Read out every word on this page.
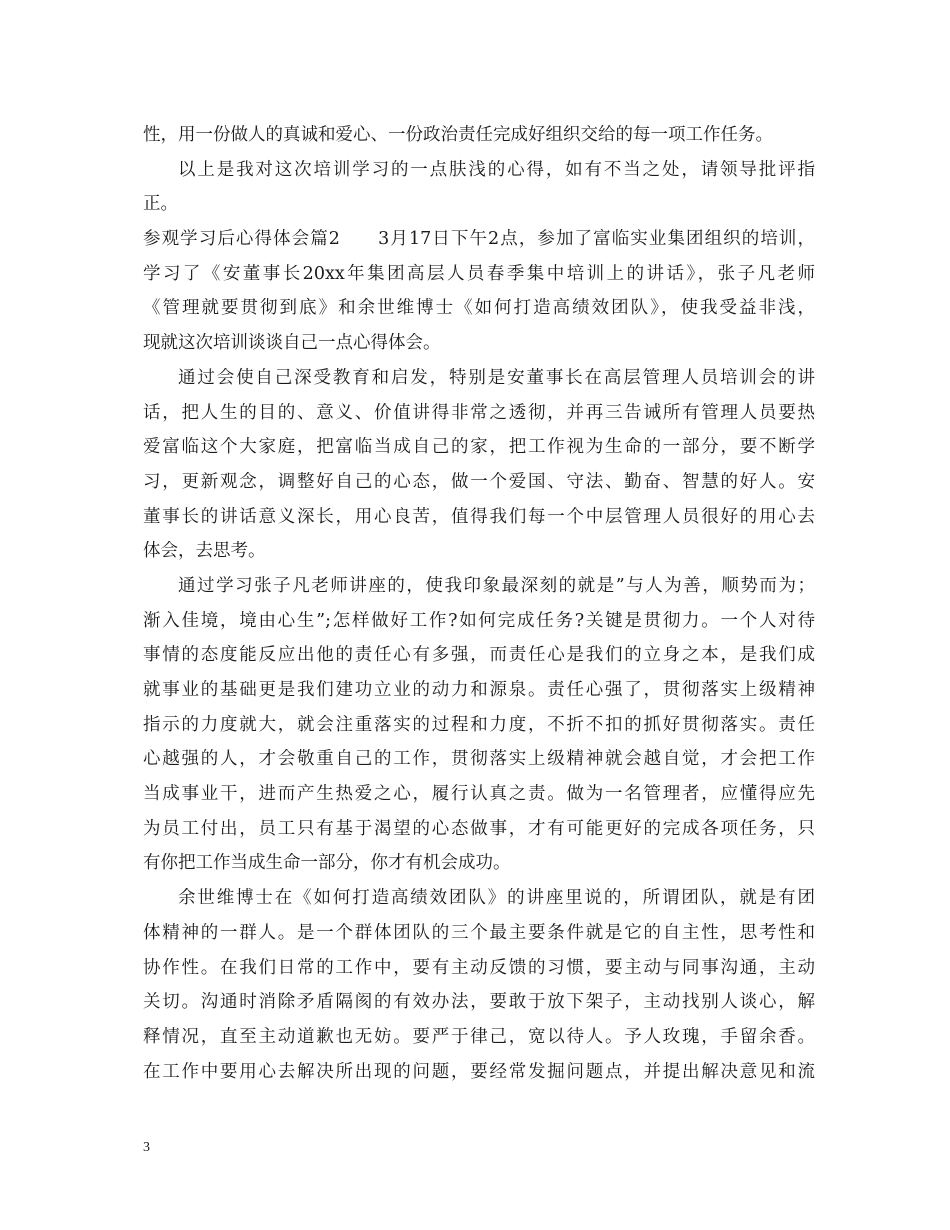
性，用一份做人的真诚和爱心、一份政治责任完成好组织交给的每一项工作任务。
以上是我对这次培训学习的一点肤浅的心得，如有不当之处，请领导批评指
正。
参观学习后心得体会篇2　　3月17日下午2点，参加了富临实业集团组织的培训，
学习了《安董事长20xx年集团高层人员春季集中培训上的讲话》，张子凡老师
《管理就要贯彻到底》和余世维博士《如何打造高绩效团队》，使我受益非浅，
现就这次培训谈谈自己一点心得体会。
通过会使自己深受教育和启发，特别是安董事长在高层管理人员培训会的讲
话，把人生的目的、意义、价值讲得非常之透彻，并再三告诫所有管理人员要热
爱富临这个大家庭，把富临当成自己的家，把工作视为生命的一部分，要不断学
习，更新观念，调整好自己的心态，做一个爱国、守法、勤奋、智慧的好人。安
董事长的讲话意义深长，用心良苦，值得我们每一个中层管理人员很好的用心去
体会，去思考。
通过学习张子凡老师讲座的，使我印象最深刻的就是”与人为善，顺势而为；
渐入佳境，境由心生”;怎样做好工作?如何完成任务?关键是贯彻力。一个人对待
事情的态度能反应出他的责任心有多强，而责任心是我们的立身之本，是我们成
就事业的基础更是我们建功立业的动力和源泉。责任心强了，贯彻落实上级精神
指示的力度就大，就会注重落实的过程和力度，不折不扣的抓好贯彻落实。责任
心越强的人，才会敬重自己的工作，贯彻落实上级精神就会越自觉，才会把工作
当成事业干，进而产生热爱之心，履行认真之责。做为一名管理者，应懂得应先
为员工付出，员工只有基于渴望的心态做事，才有可能更好的完成各项任务，只
有你把工作当成生命一部分，你才有机会成功。
余世维博士在《如何打造高绩效团队》的讲座里说的，所谓团队，就是有团
体精神的一群人。是一个群体团队的三个最主要条件就是它的自主性，思考性和
协作性。在我们日常的工作中，要有主动反馈的习惯，要主动与同事沟通，主动
关切。沟通时消除矛盾隔阂的有效办法，要敢于放下架子，主动找别人谈心，解
释情况，直至主动道歉也无妨。要严于律己，宽以待人。予人玫瑰，手留余香。
在工作中要用心去解决所出现的问题，要经常发掘问题点，并提出解决意见和流
3
